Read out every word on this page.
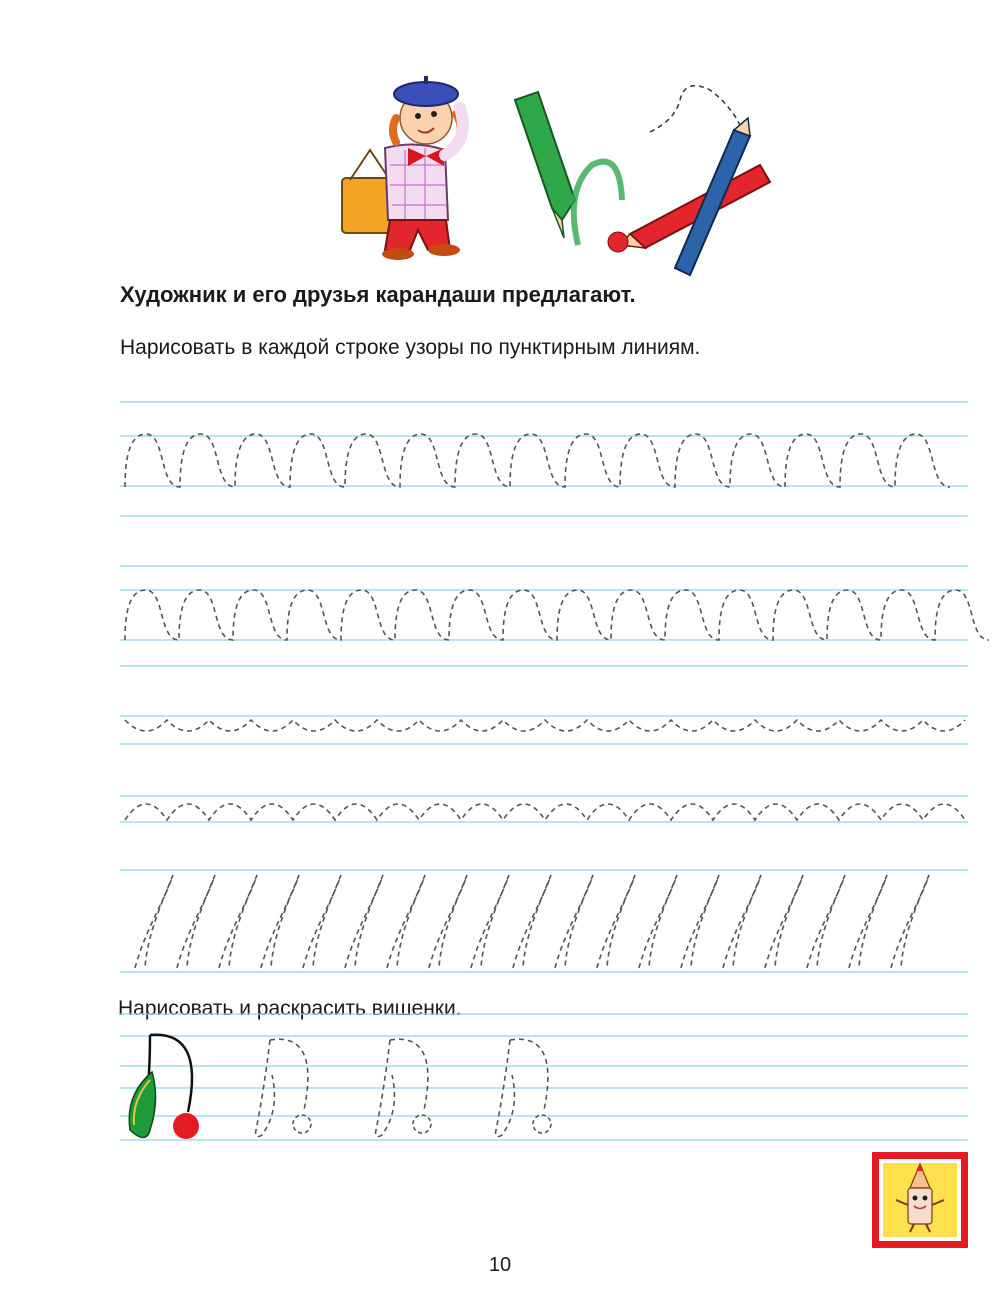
Художник и его друзья карандаши предлагают.

Нарисовать в каждой строке узоры по пунктирным линиям.

Нарисовать и раскрасить вишенки.

10
